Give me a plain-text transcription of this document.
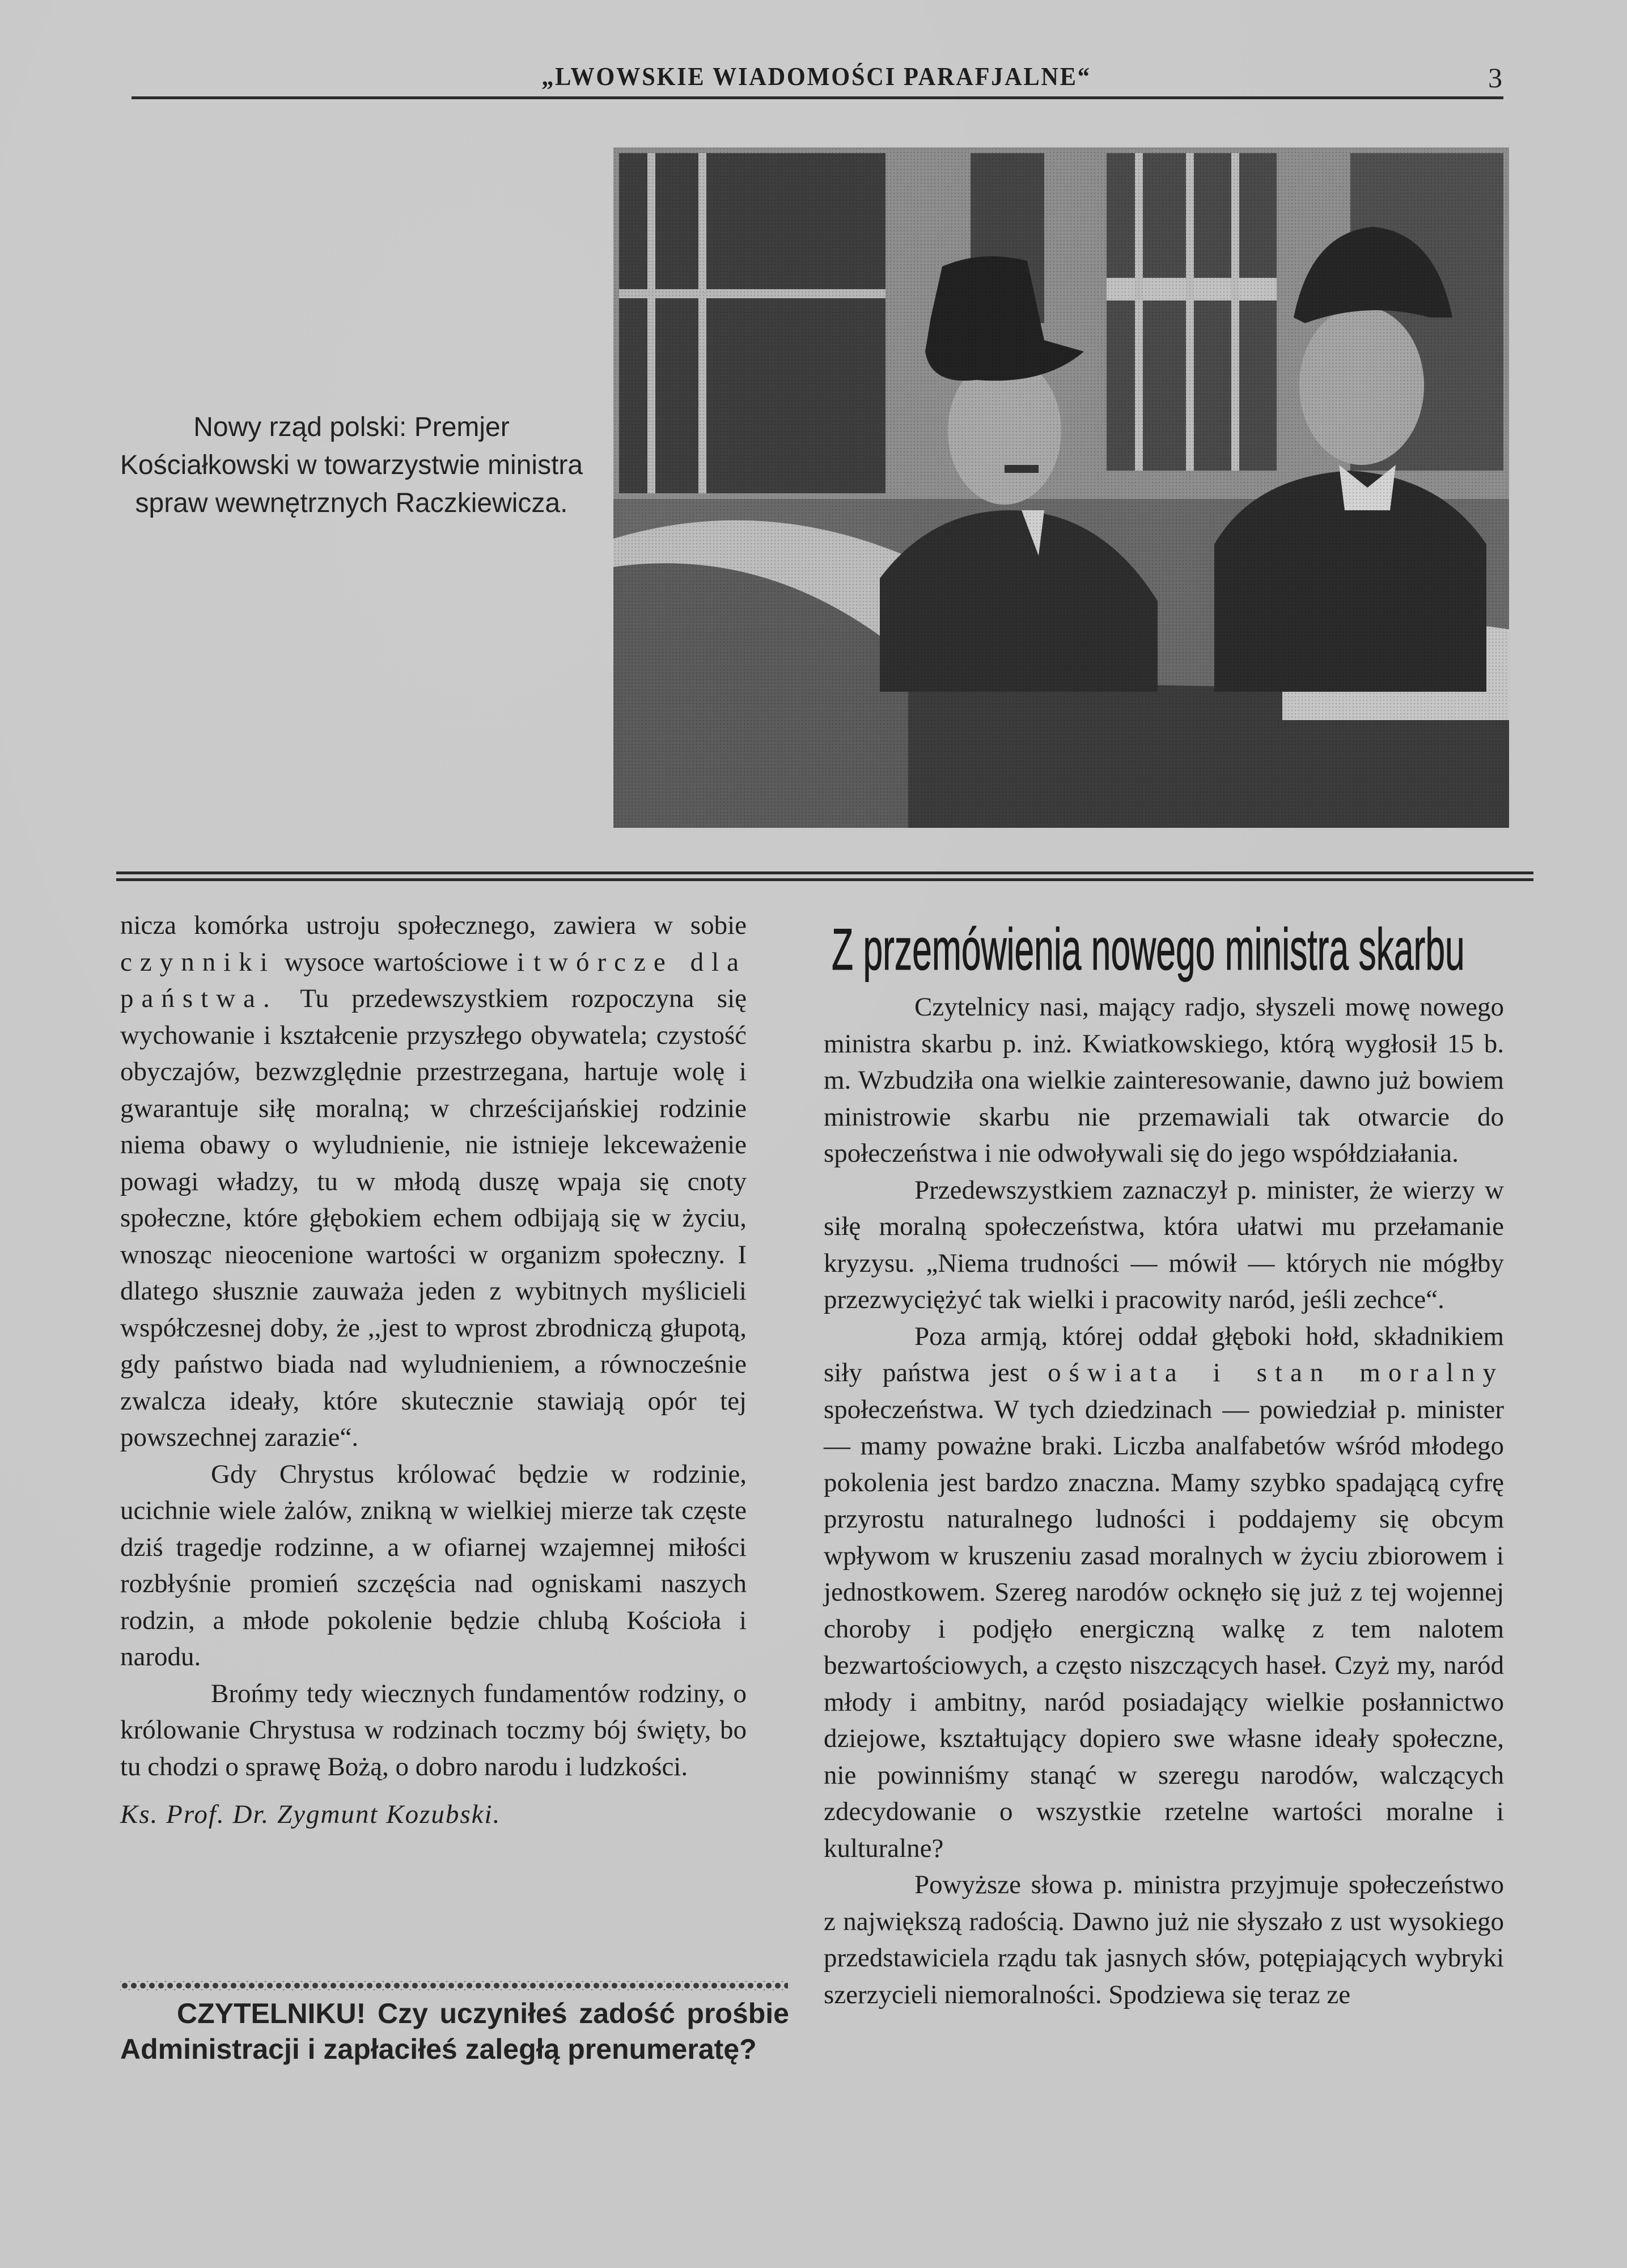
„LWOWSKIE WIADOMOŚCI PARAFJALNE“	3
Nowy rząd polski: Premjer Kościałkowski w towarzystwie ministra spraw wewnętrznych Raczkiewicza.

nicza komórka ustroju społecznego, zawiera w sobie czynniki wysoce wartościowe i twórcze dla państwa. Tu przedewszystkiem rozpoczyna się wychowanie i kształcenie przyszłego obywatela; czystość obyczajów, bezwzględnie przestrzegana, hartuje wolę i gwarantuje siłę moralną; w chrześcijańskiej rodzinie niema obawy o wyludnienie, nie istnieje lekceważenie powagi władzy, tu w młodą duszę wpaja się cnoty społeczne, które głębokiem echem odbijają się w życiu, wnosząc nieocenione wartości w organizm społeczny. I dlatego słusznie zauważa jeden z wybitnych myślicieli współczesnej doby, że ,,jest to wprost zbrodniczą głupotą, gdy państwo biada nad wyludnieniem, a równocześnie zwalcza ideały, które skutecznie stawiają opór tej powszechnej zarazie“.

Gdy Chrystus królować będzie w rodzinie, ucichnie wiele żalów, znikną w wielkiej mierze tak częste dziś tragedje rodzinne, a w ofiarnej wzajemnej miłości rozbłyśnie promień szczęścia nad ogniskami naszych rodzin, a młode pokolenie będzie chlubą Kościoła i narodu.

Brońmy tedy wiecznych fundamentów rodziny, o królowanie Chrystusa w rodzinach toczmy bój święty, bo tu chodzi o sprawę Bożą, o dobro narodu i ludzkości.

Ks. Prof. Dr. Zygmunt Kozubski.

CZYTELNIKU! Czy uczyniłeś zadość prośbie Administracji i zapłaciłeś zaległą prenumeratę?
Z przemówienia nowego ministra skarbu

Czytelnicy nasi, mający radjo, słyszeli mowę nowego ministra skarbu p. inż. Kwiatkowskiego, którą wygłosił 15 b. m. Wzbudziła ona wielkie zainteresowanie, dawno już bowiem ministrowie skarbu nie przemawiali tak otwarcie do społeczeństwa i nie odwoływali się do jego współdziałania.

Przedewszystkiem zaznaczył p. minister, że wierzy w siłę moralną społeczeństwa, która ułatwi mu przełamanie kryzysu. „Niema trudności — mówił — których nie mógłby przezwyciężyć tak wielki i pracowity naród, jeśli zechce“.

Poza armją, której oddał głęboki hołd, składnikiem siły państwa jest oświata i stan moralny społeczeństwa. W tych dziedzinach — powiedział p. minister — mamy poważne braki. Liczba analfabetów wśród młodego pokolenia jest bardzo znaczna. Mamy szybko spadającą cyfrę przyrostu naturalnego ludności i poddajemy się obcym wpływom w kruszeniu zasad moralnych w życiu zbiorowem i jednostkowem. Szereg narodów ocknęło się już z tej wojennej choroby i podjęło energiczną walkę z tem nalotem bezwartościowych, a często niszczących haseł. Czyż my, naród młody i ambitny, naród posiadający wielkie posłannictwo dziejowe, kształtujący dopiero swe własne ideały społeczne, nie powinniśmy stanąć w szeregu narodów, walczących zdecydowanie o wszystkie rzetelne wartości moralne i kulturalne?

Powyższe słowa p. ministra przyjmuje społeczeństwo z największą radością. Dawno już nie słyszało z ust wysokiego przedstawiciela rządu tak jasnych słów, potępiających wybryki szerzycieli niemoralności. Spodziewa się teraz ze
